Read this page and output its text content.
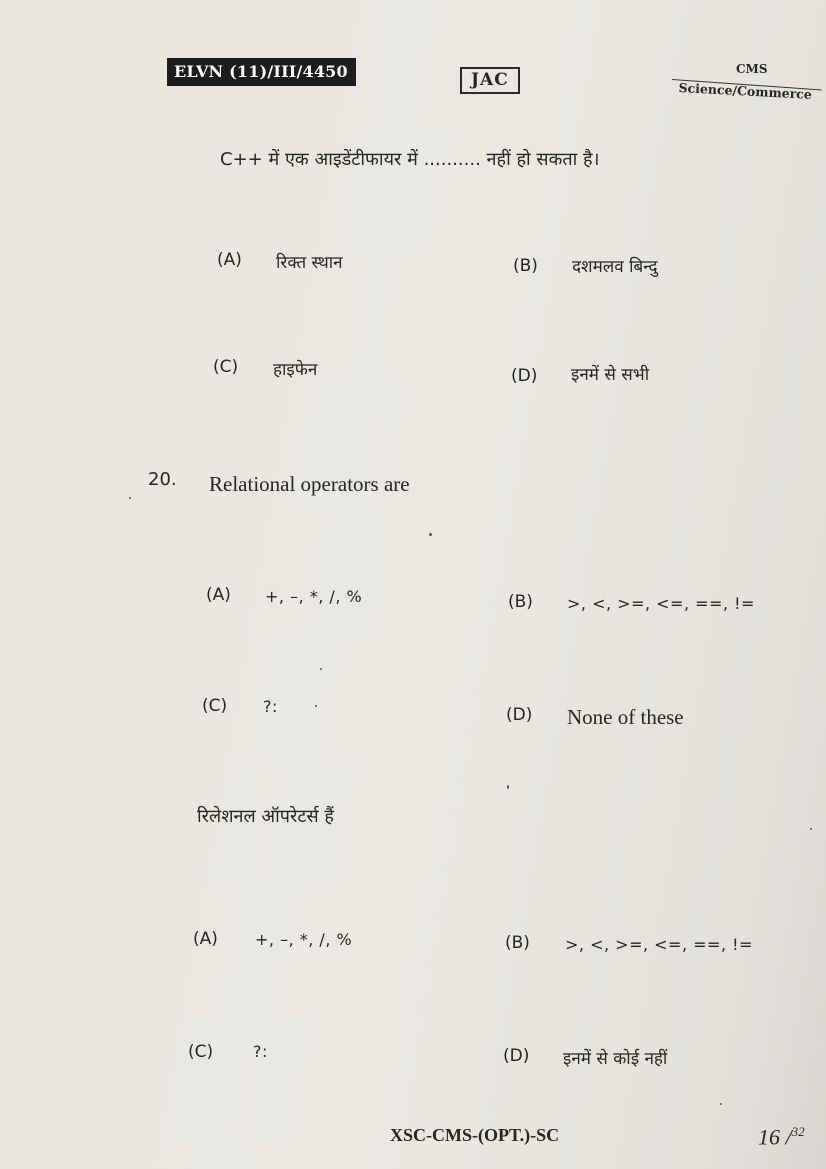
ELVN (11)/III/4450	JAC
CMS
Science/Commerce
C++ में एक आइडेंटीफायर में .......... नहीं हो सकता है।
(A) रिक्त स्थान	(B) दशमलव बिन्दु
(C) हाइफेन	(D) इनमें से सभी
20. Relational operators are
(A) +, –, *, /, %	(B) >, <, >=, <=, ==, !=
(C) ?:	(D) None of these
रिलेशनल ऑपरेटर्स हैं
(A) +, –, *, /, %	(B) >, <, >=, <=, ==, !=
(C) ?:	(D) इनमें से कोई नहीं
XSC-CMS-(OPT.)-SC	16 /$^{32}$
